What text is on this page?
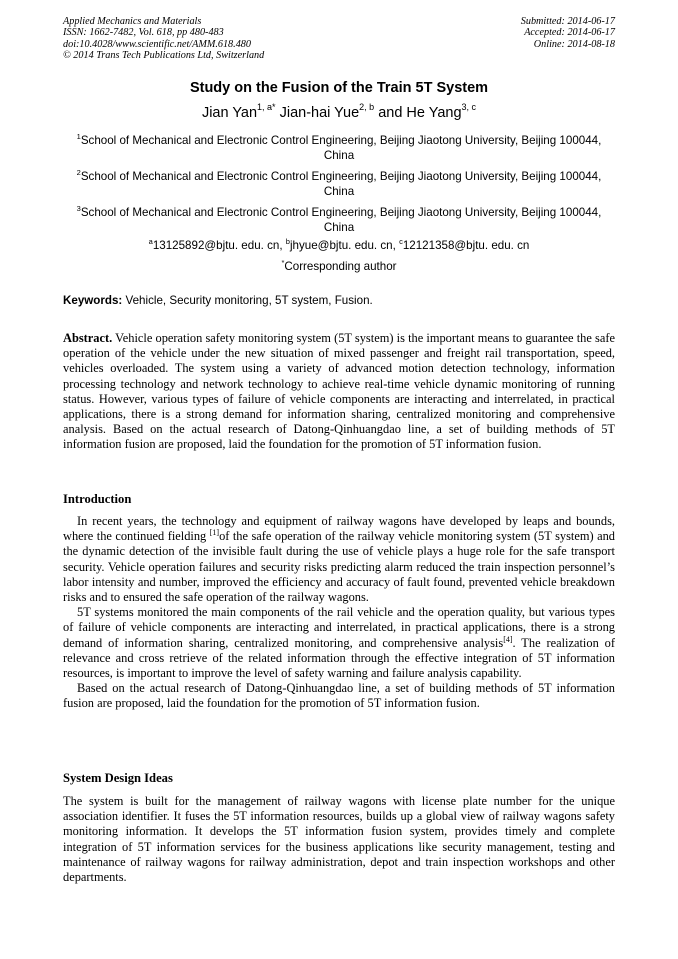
Applied Mechanics and Materials
ISSN: 1662-7482, Vol. 618, pp 480-483
doi:10.4028/www.scientific.net/AMM.618.480
© 2014 Trans Tech Publications Ltd, Switzerland
Submitted: 2014-06-17
Accepted: 2014-06-17
Online: 2014-08-18
Study on the Fusion of the Train 5T System
Jian Yan$^{1, a*}$ Jian-hai Yue$^{2, b}$ and He Yang$^{3, c}$
$^1$School of Mechanical and Electronic Control Engineering, Beijing Jiaotong University, Beijing 100044, China
$^2$School of Mechanical and Electronic Control Engineering, Beijing Jiaotong University, Beijing 100044, China
$^3$School of Mechanical and Electronic Control Engineering, Beijing Jiaotong University, Beijing 100044, China
$^a$13125892@bjtu. edu. cn, $^b$jhyue@bjtu. edu. cn, $^c$12121358@bjtu. edu. cn
*Corresponding author
Keywords: Vehicle, Security monitoring, 5T system, Fusion.
Abstract. Vehicle operation safety monitoring system (5T system) is the important means to guarantee the safe operation of the vehicle under the new situation of mixed passenger and freight rail transportation, speed, vehicles overloaded. The system using a variety of advanced motion detection technology, information processing technology and network technology to achieve real-time vehicle dynamic monitoring of running status. However, various types of failure of vehicle components are interacting and interrelated, in practical applications, there is a strong demand for information sharing, centralized monitoring and comprehensive analysis. Based on the actual research of Datong-Qinhuangdao line, a set of building methods of 5T information fusion are proposed, laid the foundation for the promotion of 5T information fusion.
Introduction
In recent years, the technology and equipment of railway wagons have developed by leaps and bounds, where the continued fielding [1]of the safe operation of the railway vehicle monitoring system (5T system) and the dynamic detection of the invisible fault during the use of vehicle plays a huge role for the safe transport security. Vehicle operation failures and security risks predicting alarm reduced the train inspection personnel’s labor intensity and number, improved the efficiency and accuracy of fault found, prevented vehicle breakdown risks and to ensured the safe operation of the railway wagons.
5T systems monitored the main components of the rail vehicle and the operation quality, but various types of failure of vehicle components are interacting and interrelated, in practical applications, there is a strong demand of information sharing, centralized monitoring, and comprehensive analysis[4]. The realization of relevance and cross retrieve of the related information through the effective integration of 5T information resources, is important to improve the level of safety warning and failure analysis capability.
Based on the actual research of Datong-Qinhuangdao line, a set of building methods of 5T information fusion are proposed, laid the foundation for the promotion of 5T information fusion.
System Design Ideas
The system is built for the management of railway wagons with license plate number for the unique association identifier. It fuses the 5T information resources, builds up a global view of railway wagons safety monitoring information. It develops the 5T information fusion system, provides timely and complete integration of 5T information services for the business applications like security management, testing and maintenance of railway wagons for railway administration, depot and train inspection workshops and other departments.
